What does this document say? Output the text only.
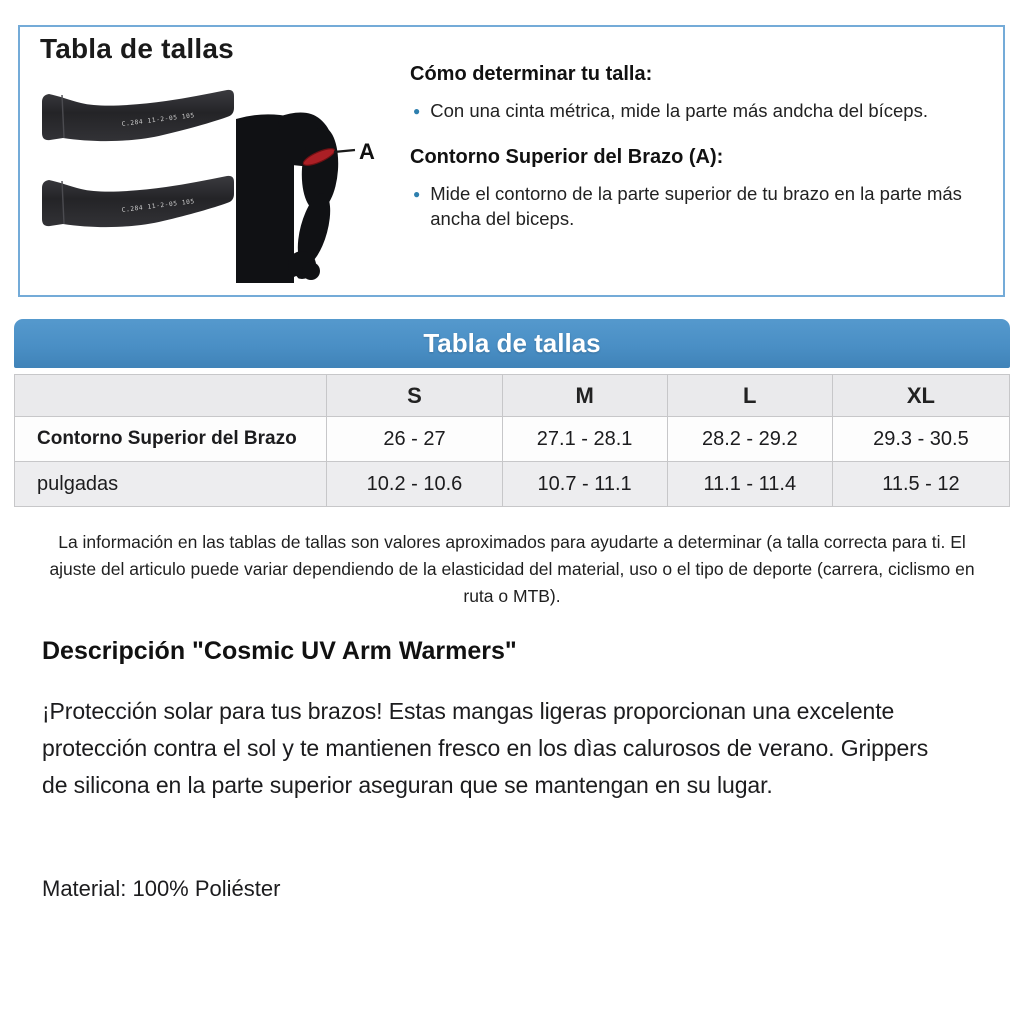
Tabla de tallas
C.284 11-2-05 105
A
Cómo determinar tu talla:
● Con una cinta métrica, mide la parte más andcha del bíceps.
Contorno Superior del Brazo (A):
● Mide el contorno de la parte superior de tu brazo en la parte más ancha del biceps.
Tabla de tallas
	S	M	L	XL
Contorno Superior del Brazo	26 - 27	27.1 - 28.1	28.2 - 29.2	29.3 - 30.5
pulgadas	10.2 - 10.6	10.7 - 11.1	11.1 - 11.4	11.5 - 12

La información en las tablas de tallas son valores aproximados para ayudarte a determinar (a talla correcta para ti. El ajuste del articulo puede variar dependiendo de la elasticidad del material, uso o el tipo de deporte (carrera, ciclismo en ruta o MTB).

Descripción "Cosmic UV Arm Warmers"

¡Protección solar para tus brazos! Estas mangas ligeras proporcionan una excelente protección contra el sol y te mantienen fresco en los dìas calurosos de verano. Grippers de silicona en la parte superior aseguran que se mantengan en su lugar.

Material: 100% Poliéster
